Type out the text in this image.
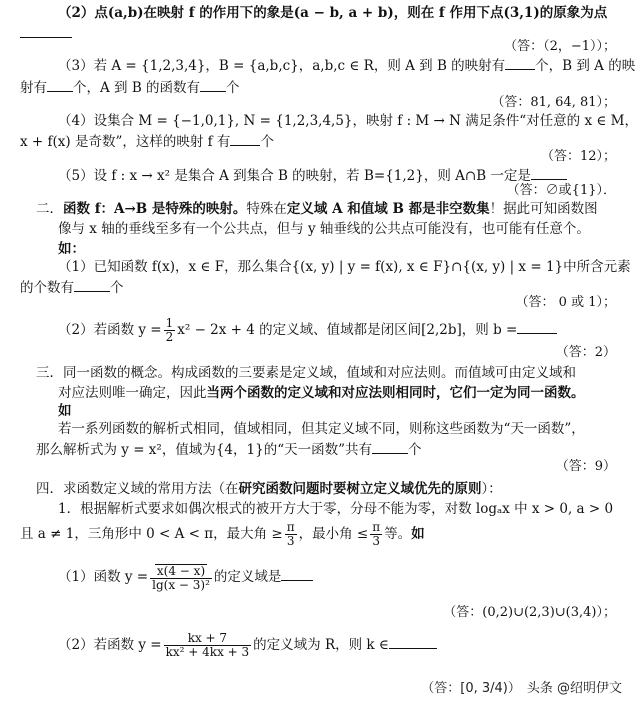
（2）点(a,b)在映射 f 的作用下的象是(a − b, a + b)，则在 f 作用下点(3,1)的原象为点
（答：（2，−1））；
（3）若 A = {1,2,3,4}，B = {a,b,c}，a,b,c ∈ R，则 A 到 B 的映射有 个，B 到 A 的映
射有 个，A 到 B 的函数有 个
（答：81, 64, 81）；
（4）设集合 M = {−1,0,1}, N = {1,2,3,4,5}，映射 f : M → N 满足条件“对任意的 x ∈ M，
x + f(x) 是奇数”，这样的映射 f 有 个
（答：12）；
（5）设 f : x → x² 是集合 A 到集合 B 的映射，若 B={1,2}，则 A∩B 一定是
（答：∅或{1}）．
二．函数 f：A→B 是特殊的映射。特殊在定义域 A 和值域 B 都是非空数集！据此可知函数图
像与 x 轴的垂线至多有一个公共点，但与 y 轴垂线的公共点可能没有，也可能有任意个。
如：
（1）已知函数 f(x)，x ∈ F，那么集合{(x, y) | y = f(x), x ∈ F}∩{(x, y) | x = 1}中所含元素
的个数有	个
（答： 0 或 1）；
（2）若函数 $y = \frac{1}{2} x^2 - 2x + 4$ 的定义域、值域都是闭区间[2,2b]，则 b =
（答：2）
三．同一函数的概念。构成函数的三要素是定义域，值域和对应法则。而值域可由定义域和
对应法则唯一确定，因此当两个函数的定义域和对应法则相同时，它们一定为同一函数。
如
若一系列函数的解析式相同，值域相同，但其定义域不同，则称这些函数为“天一函数”，
那么解析式为 y = x²，值域为{4，1}的“天一函数”共有	个
（答：9）
四．求函数定义域的常用方法（在研究函数问题时要树立定义域优先的原则）：
1．根据解析式要求如偶次根式的被开方大于零，分母不能为零，对数 logₐx 中 x > 0, a > 0
且 a ≠ 1，三角形中 0 < A < π，最大角 ≥ $\frac{\pi}{3}$ ，最小角 ≤ $\frac{\pi}{3}$ 等。如
（1）函数 $y = \frac{x(4 - x)}{\text{lg(x − 3)²}}$ 的定义域是
（答：(0,2)∪(2,3)∪(3,4)）；
（2）若函数 $y = \frac{kx + 7}{\text{kx² + 4kx + 3}}$ 的定义域为 R，则 k ∈
（答：[0, 3/4)） 头条 @绍明伊文
